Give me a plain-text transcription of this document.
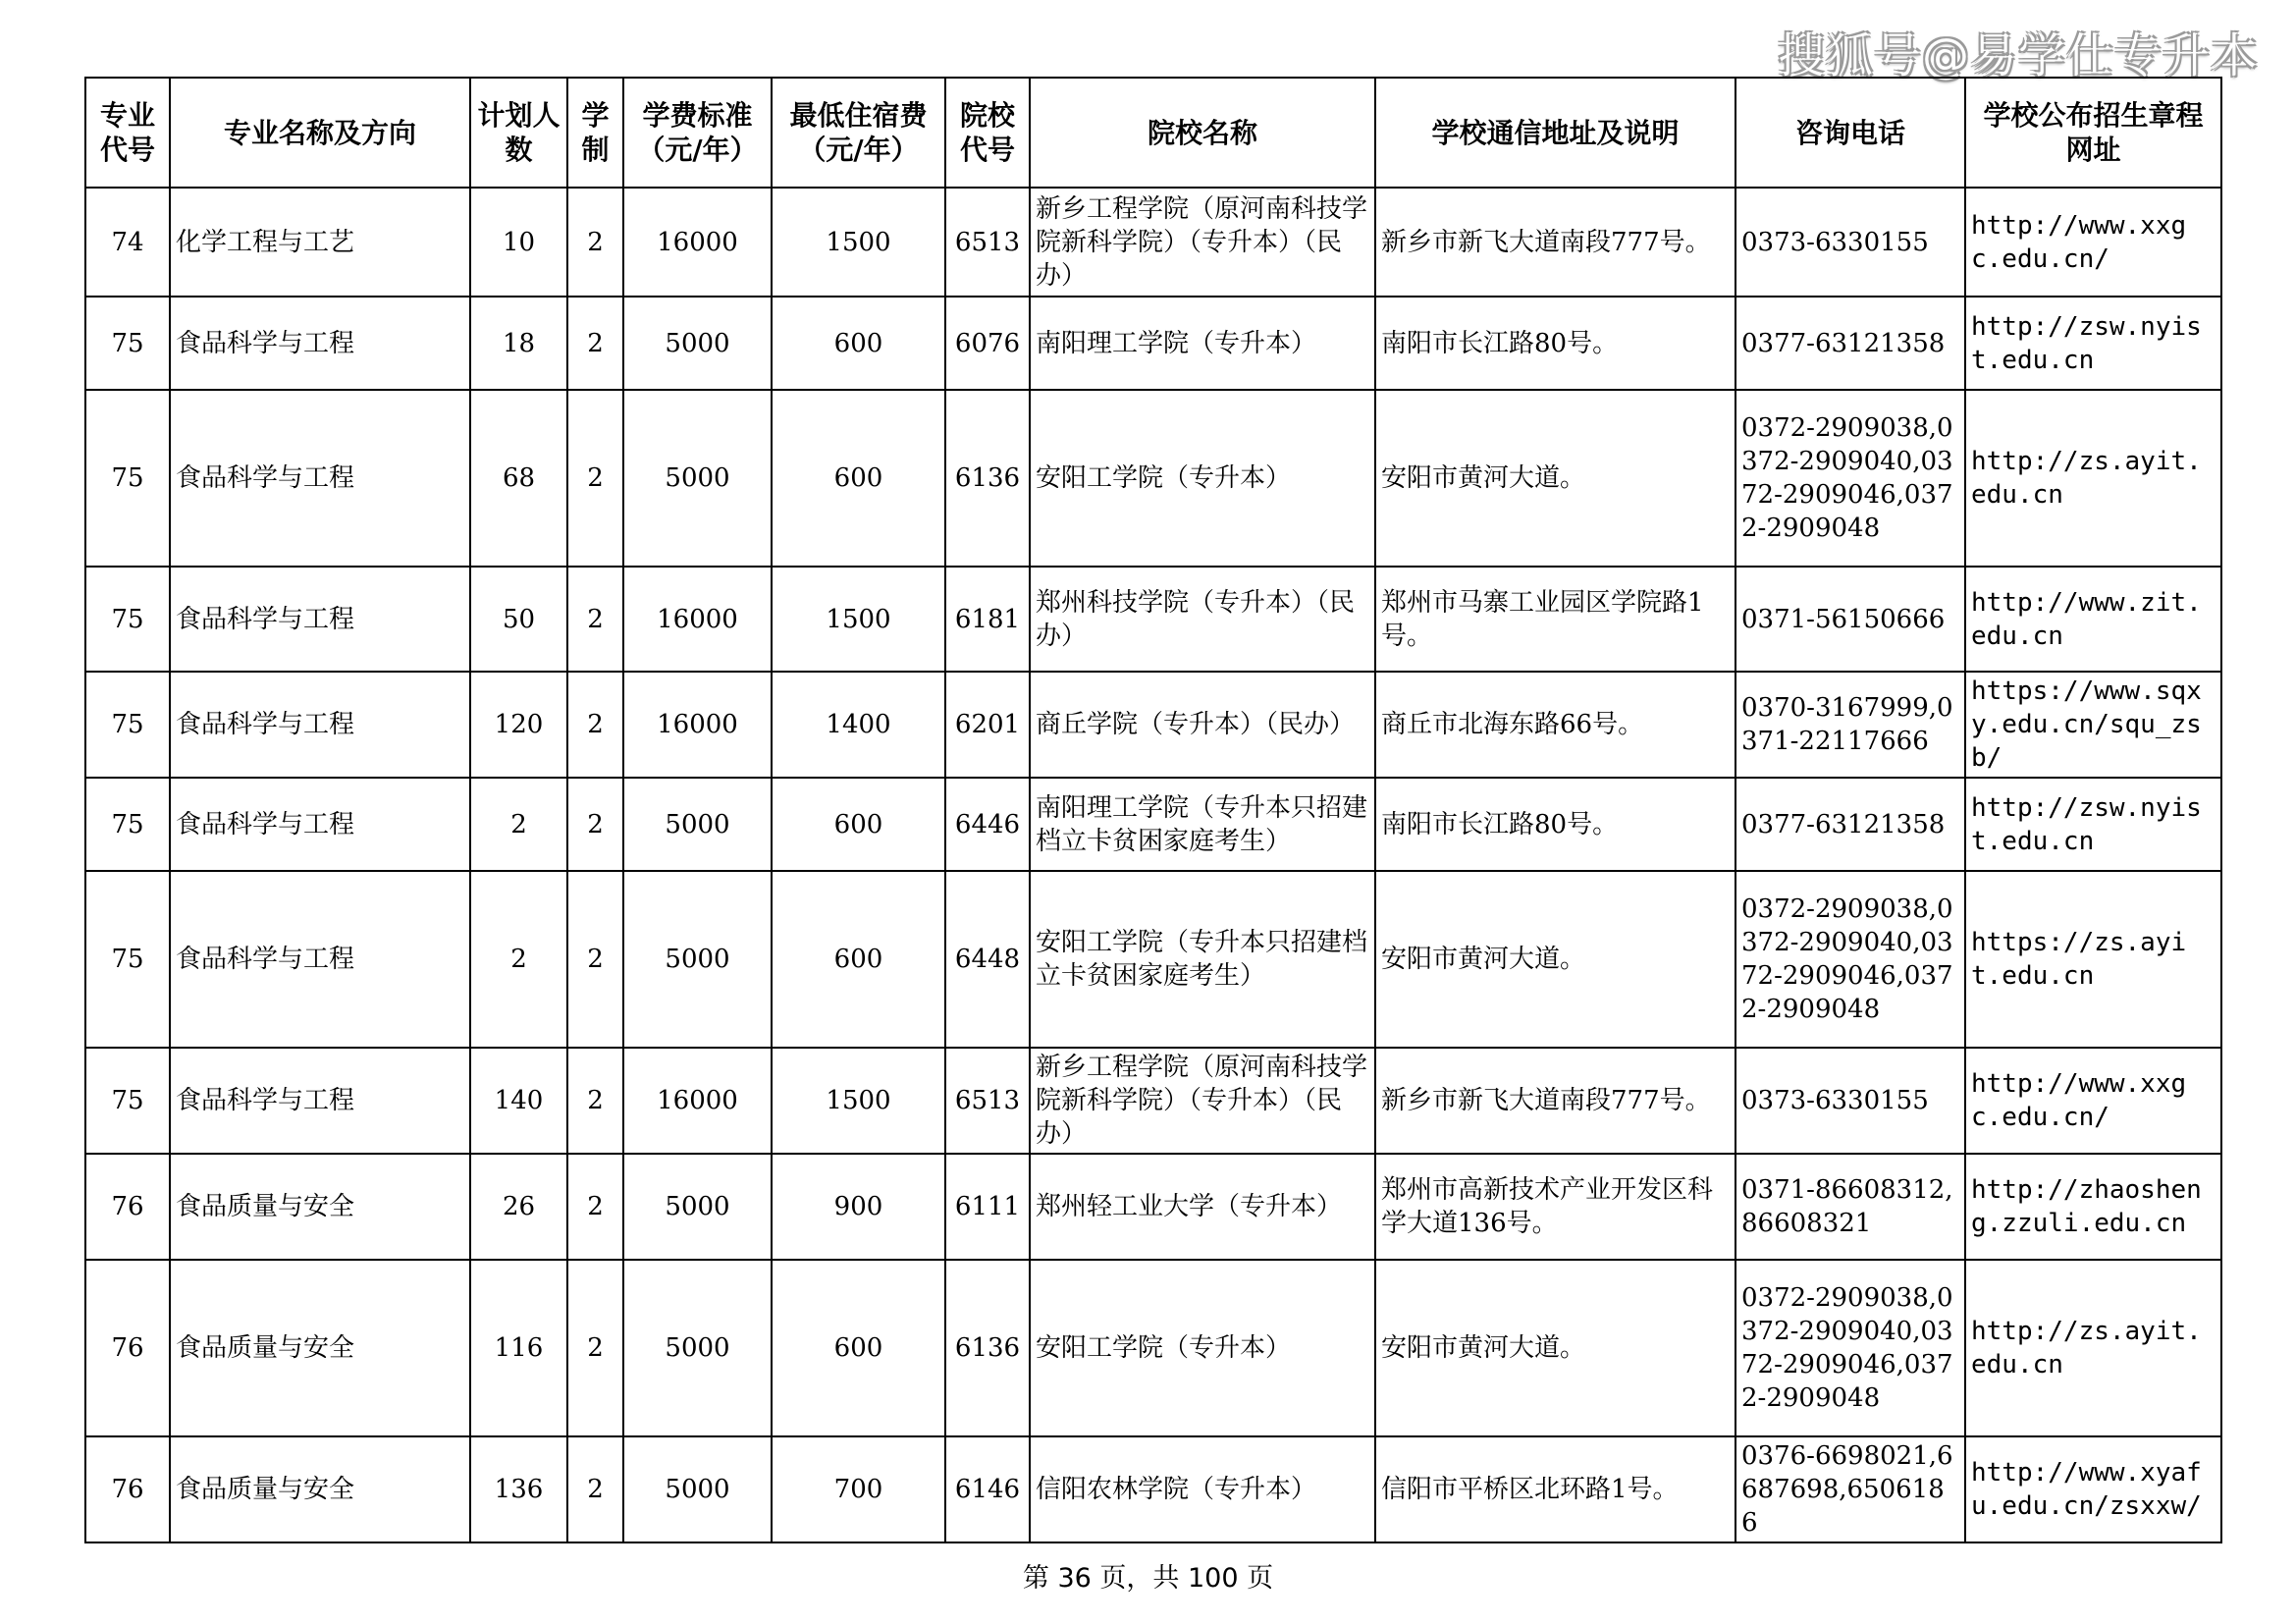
搜狐号@易学仕专升本
专业代号	专业名称及方向	计划人数	学制	学费标准（元/年）	最低住宿费（元/年）	院校代号	院校名称	学校通信地址及说明	咨询电话	学校公布招生章程网址
74	化学工程与工艺	10	2	16000	1500	6513	新乡工程学院（原河南科技学院新科学院）（专升本）（民办）	新乡市新飞大道南段777号。	0373-6330155	http://www.xxgc.edu.cn/
75	食品科学与工程	18	2	5000	600	6076	南阳理工学院（专升本）	南阳市长江路80号。	0377-63121358	http://zsw.nyist.edu.cn
75	食品科学与工程	68	2	5000	600	6136	安阳工学院（专升本）	安阳市黄河大道。	0372-2909038,0372-2909040,0372-2909046,0372-2909048	http://zs.ayit.edu.cn
75	食品科学与工程	50	2	16000	1500	6181	郑州科技学院（专升本）（民办）	郑州市马寨工业园区学院路1号。	0371-56150666	http://www.zit.edu.cn
75	食品科学与工程	120	2	16000	1400	6201	商丘学院（专升本）（民办）	商丘市北海东路66号。	0370-3167999,0371-22117666	https://www.sqxy.edu.cn/squ_zsb/
75	食品科学与工程	2	2	5000	600	6446	南阳理工学院（专升本只招建档立卡贫困家庭考生）	南阳市长江路80号。	0377-63121358	http://zsw.nyist.edu.cn
75	食品科学与工程	2	2	5000	600	6448	安阳工学院（专升本只招建档立卡贫困家庭考生）	安阳市黄河大道。	0372-2909038,0372-2909040,0372-2909046,0372-2909048	https://zs.ayit.edu.cn
75	食品科学与工程	140	2	16000	1500	6513	新乡工程学院（原河南科技学院新科学院）（专升本）（民办）	新乡市新飞大道南段777号。	0373-6330155	http://www.xxgc.edu.cn/
76	食品质量与安全	26	2	5000	900	6111	郑州轻工业大学（专升本）	郑州市高新技术产业开发区科学大道136号。	0371-86608312,86608321	http://zhaosheng.zzuli.edu.cn
76	食品质量与安全	116	2	5000	600	6136	安阳工学院（专升本）	安阳市黄河大道。	0372-2909038,0372-2909040,0372-2909046,0372-2909048	http://zs.ayit.edu.cn
76	食品质量与安全	136	2	5000	700	6146	信阳农林学院（专升本）	信阳市平桥区北环路1号。	0376-6698021,6687698,6506186	http://www.xyafu.edu.cn/zsxxw/
第 36 页，共 100 页
